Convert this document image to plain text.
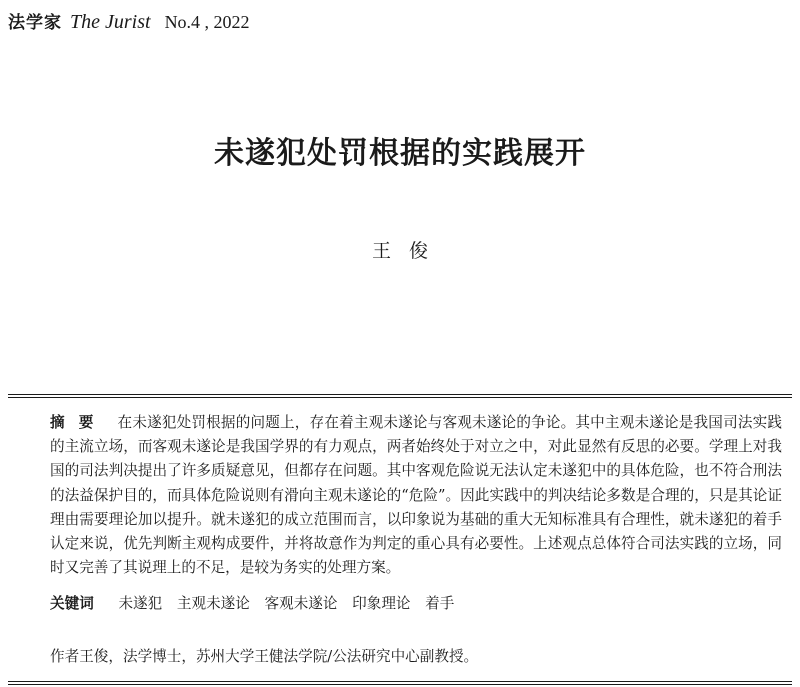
法学家 The Jurist No.4 , 2022
未遂犯处罚根据的实践展开
王俊
摘要 在未遂犯处罚根据的问题上，存在着主观未遂论与客观未遂论的争论。其中主观未遂论是我国司法实践的主流立场，而客观未遂论是我国学界的有力观点，两者始终处于对立之中，对此显然有反思的必要。学理上对我国的司法判决提出了许多质疑意见，但都存在问题。其中客观危险说无法认定未遂犯中的具体危险，也不符合刑法的法益保护目的，而具体危险说则有滑向主观未遂论的“危险”。因此实践中的判决结论多数是合理的，只是其论证理由需要理论加以提升。就未遂犯的成立范围而言，以印象说为基础的重大无知标准具有合理性，就未遂犯的着手认定来说，优先判断主观构成要件，并将故意作为判定的重心具有必要性。上述观点总体符合司法实践的立场，同时又完善了其说理上的不足，是较为务实的处理方案。
关键词 未遂犯 主观未遂论 客观未遂论 印象理论 着手
作者王俊，法学博士，苏州大学王健法学院/公法研究中心副教授。
